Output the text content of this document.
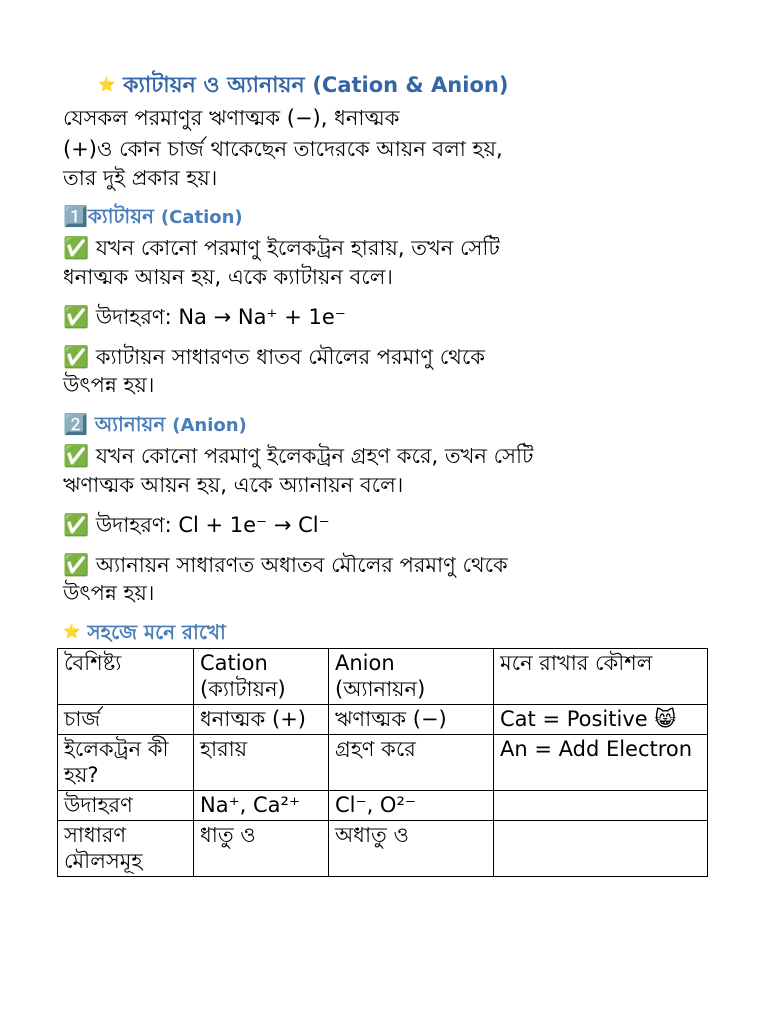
⭐ ক্যাটায়ন ও অ্যানায়ন (Cation & Anion)
যেসকল পরমাণুর ঋণাত্মক (−), ধনাত্মক
(+)ও কোন চার্জ থাকেছেন তাদেরকে আয়ন বলা হয়,
তার দুই প্রকার হয়।
1️⃣ক্যাটায়ন (Cation)
✅ যখন কোনো পরমাণু ইলেকট্রন হারায়, তখন সেটি
ধনাত্মক আয়ন হয়, একে ক্যাটায়ন বলে।
✅ উদাহরণ: Na → Na⁺ + 1e⁻
✅ ক্যাটায়ন সাধারণত ধাতব মৌলের পরমাণু থেকে
উৎপন্ন হয়।
2️⃣ অ্যানায়ন (Anion)
✅ যখন কোনো পরমাণু ইলেকট্রন গ্রহণ করে, তখন সেটি
ঋণাত্মক আয়ন হয়, একে অ্যানায়ন বলে।
✅ উদাহরণ: Cl + 1e⁻ → Cl⁻
✅ অ্যানায়ন সাধারণত অধাতব মৌলের পরমাণু থেকে
উৎপন্ন হয়।
⭐ সহজে মনে রাখো
বৈশিষ্ট্য	Cation (ক্যাটায়ন)	Anion (অ্যানায়ন)	মনে রাখার কৌশল
চার্জ	ধনাত্মক (+)	ঋণাত্মক (−)	Cat = Positive 😸
ইলেকট্রন কী হয়?	হারায়	গ্রহণ করে	An = Add Electron
উদাহরণ	Na⁺, Ca²⁺	Cl⁻, O²⁻	
সাধারণ মৌলসমূহ	ধাতু ও	অধাতু ও	
